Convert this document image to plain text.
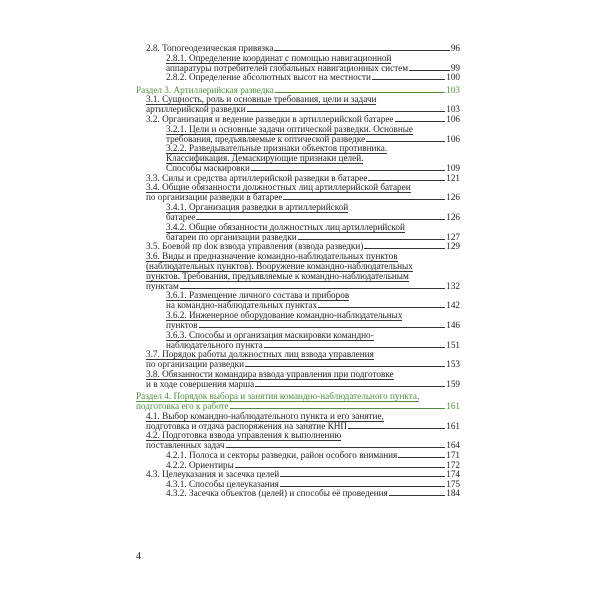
2.8. Топогеодезическая привязка	96
2.8.1. Определение координат с помощью навигационной
аппаратуры потребителей глобальных навигационных систем	99
2.8.2. Определение абсолютных высот на местности	100
Раздел 3. Артиллерийская разведка	103
3.1. Сущность, роль и основные требования, цели и задачи
артиллерийской разведки	103
3.2. Организация и ведение разведки в артиллерийской батарее	106
3.2.1. Цели и основные задачи оптической разведки. Основные
требования, предъявляемые к оптической разведке	106
3.2.2. Разведывательные признаки объектов противника.
Классификация. Демаскирующие признаки целей.
Способы маскировки	109
3.3. Силы и средства артиллерийской разведки в батарее	121
3.4. Общие обязанности должностных лиц артиллерийской батареи
по организации разведки в батарее	126
3.4.1. Организация разведки в артиллерийской
батарее	126
3.4.2. Общие обязанности должностных лиц артиллерийской
батареи по организации разведки	127
3.5. Боевой пр dок взвода управления (взвода разведки)	129
3.6. Виды и предназначение командно-наблюдательных пунктов
(наблюдательных пунктов). Вооружение командно-наблюдательных
пунктов. Требования, предъявляемые к командно-наблюдательным
пунктам	132
3.6.1. Размещение личного состава и приборов
на командно-наблюдательных пунктах	142
3.6.2. Инженерное оборудование командно-наблюдательных
пунктов	146
3.6.3. Способы и организация маскировки командно-
наблюдательного пункта	151
3.7. Порядок работы должностных лиц взвода управления
по организации разведки	153
3.8. Обязанности командира взвода управления при подготовке
и в ходе совершения марша	159
Раздел 4. Порядок выбора и занятия командно-наблюдательного пункта,
подготовка его к работе	161
4.1. Выбор командно-наблюдательного пункта и его занятие,
подготовка и отдача распоряжения на занятие КНП	161
4.2. Подготовка взвода управления к выполнению
поставленных задач	164
4.2.1. Полоса и секторы разведки, район особого внимания	171
4.2.2. Ориентиры	172
4.3. Целеуказания и засечка целей	174
4.3.1. Способы целеуказания	175
4.3.2. Засечка объектов (целей) и способы её проведения	184
4
